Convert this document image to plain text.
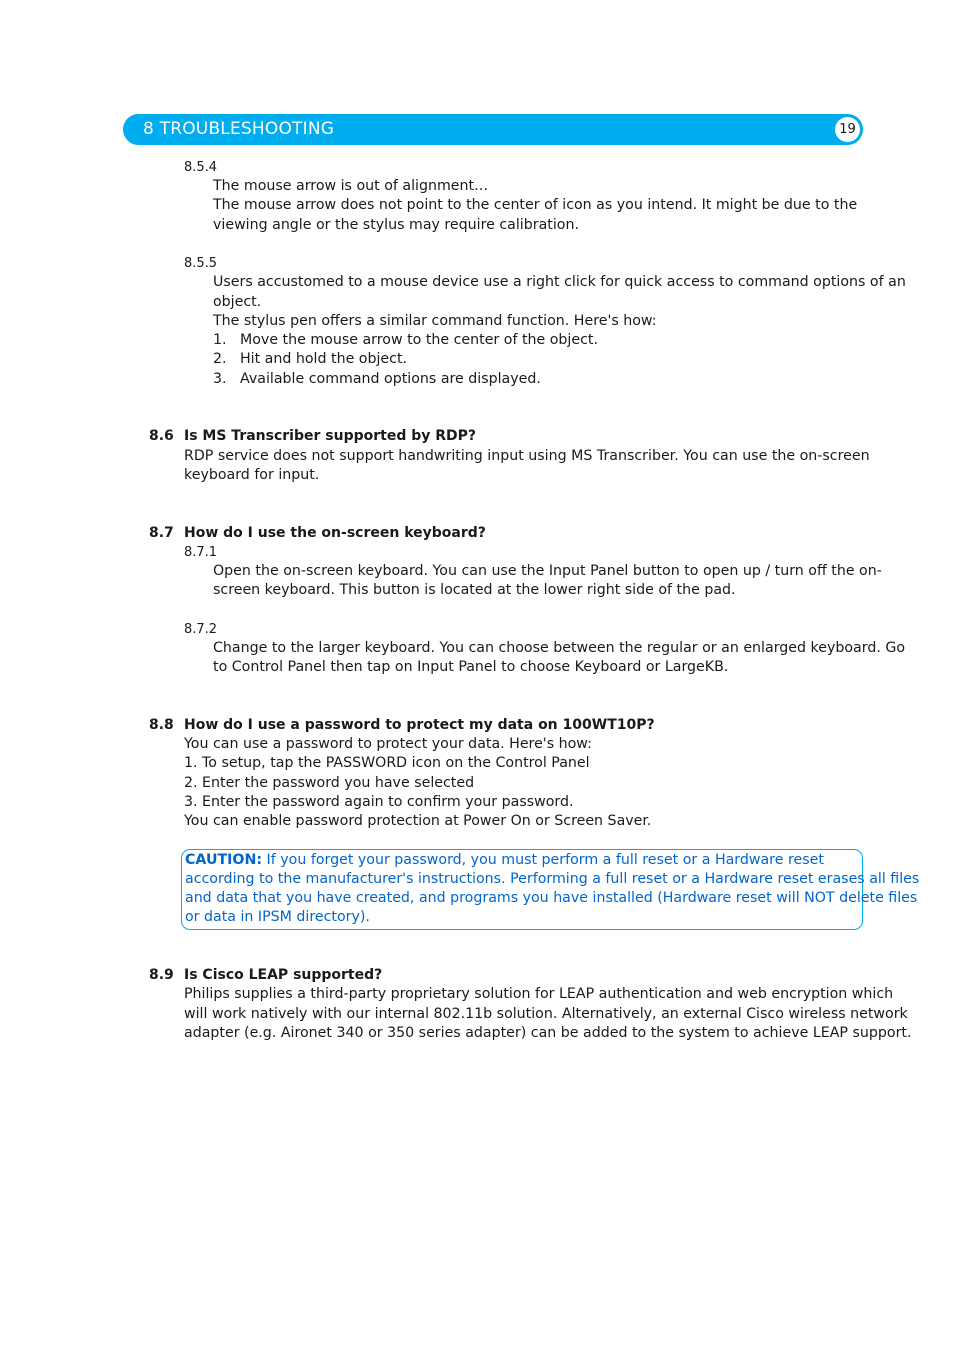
8 TROUBLESHOOTING	19
8.5.4
The mouse arrow is out of alignment…
The mouse arrow does not point to the center of icon as you intend. It might be due to the
viewing angle or the stylus may require calibration.
8.5.5
Users accustomed to a mouse device use a right click for quick access to command options of an
object.
The stylus pen offers a similar command function. Here's how:
1. Move the mouse arrow to the center of the object.
2. Hit and hold the object.
3. Available command options are displayed.
8.6 Is MS Transcriber supported by RDP?
RDP service does not support handwriting input using MS Transcriber. You can use the on-screen
keyboard for input.
8.7 How do I use the on-screen keyboard?
8.7.1
Open the on-screen keyboard. You can use the Input Panel button to open up / turn off the on-
screen keyboard. This button is located at the lower right side of the pad.
8.7.2
Change to the larger keyboard. You can choose between the regular or an enlarged keyboard. Go
to Control Panel then tap on Input Panel to choose Keyboard or LargeKB.
8.8 How do I use a password to protect my data on 100WT10P?
You can use a password to protect your data. Here's how:
1. To setup, tap the PASSWORD icon on the Control Panel
2. Enter the password you have selected
3. Enter the password again to confirm your password.
You can enable password protection at Power On or Screen Saver.
CAUTION: If you forget your password, you must perform a full reset or a Hardware reset
according to the manufacturer's instructions. Performing a full reset or a Hardware reset erases all files
and data that you have created, and programs you have installed (Hardware reset will NOT delete files
or data in IPSM directory).
8.9 Is Cisco LEAP supported?
Philips supplies a third-party proprietary solution for LEAP authentication and web encryption which
will work natively with our internal 802.11b solution. Alternatively, an external Cisco wireless network
adapter (e.g. Aironet 340 or 350 series adapter) can be added to the system to achieve LEAP support.
